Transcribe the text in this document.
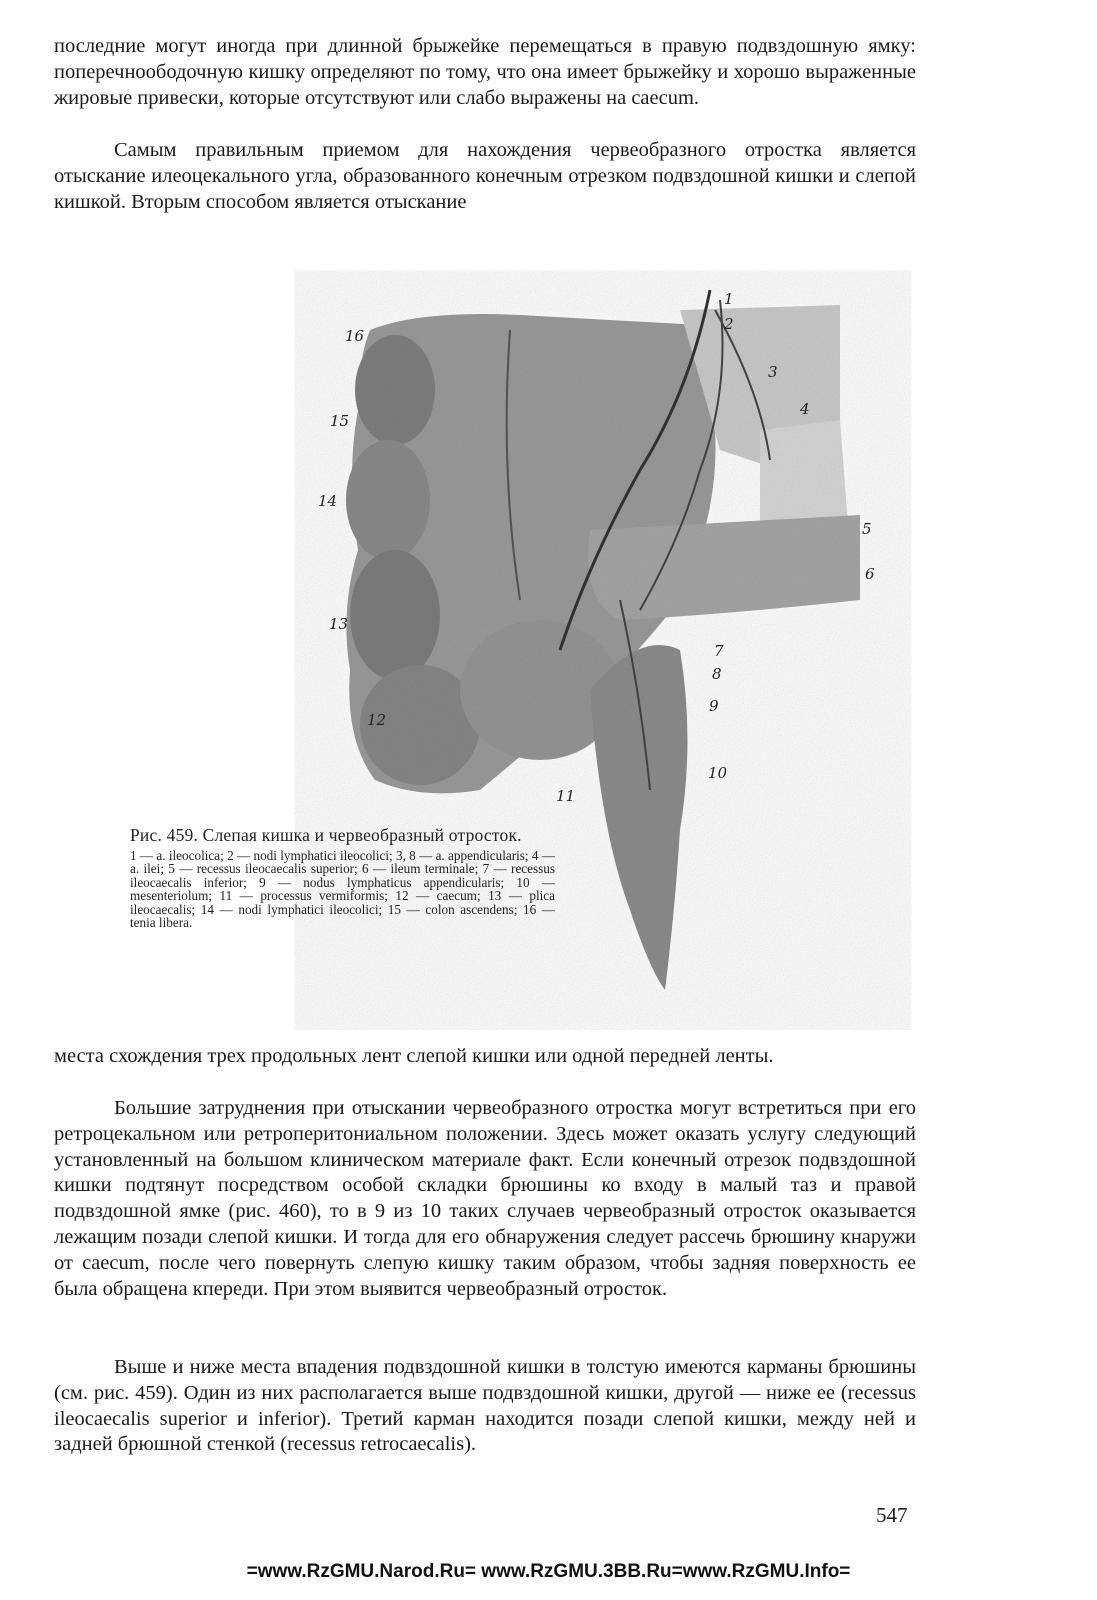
последние могут иногда при длинной брыжейке перемещаться в правую подвздошную ямку: поперечноободочную кишку определяют по тому, что она имеет брыжейку и хорошо выраженные жировые привески, которые отсутствуют или слабо выражены на caecum.

Самым правильным приемом для нахождения червеобразного отростка является отыскание илеоцекального угла, образованного конечным отрезком подвздошной кишки и слепой кишкой. Вторым способом является отыскание

1
2
3
4
5
6
7
8
9
10
11
12
13
14
15
16

Рис. 459. Слепая кишка и червеобразный отросток.

1 — a. ileocolica; 2 — nodi lymphatici ileocolici; 3, 8 — a. appendicularis; 4 — a. ilei; 5 — recessus ileocaecalis superior; 6 — ileum terminale; 7 — recessus ileocaecalis inferior; 9 — nodus lymphaticus appendicularis; 10 — mesenteriolum; 11 — processus vermiformis; 12 — caecum; 13 — plica ileocaecalis; 14 — nodi lymphatici ileocolici; 15 — colon ascendens; 16 — tenia libera.

места схождения трех продольных лент слепой кишки или одной передней ленты.

Большие затруднения при отыскании червеобразного отростка могут встретиться при его ретроцекальном или ретроперитониальном положении. Здесь может оказать услугу следующий установленный на большом клиническом материале факт. Если конечный отрезок подвздошной кишки подтянут посредством особой складки брюшины ко входу в малый таз и правой подвздошной ямке (рис. 460), то в 9 из 10 таких случаев червеобразный отросток оказывается лежащим позади слепой кишки. И тогда для его обнаружения следует рассечь брюшину кнаружи от caecum, после чего повернуть слепую кишку таким образом, чтобы задняя поверхность ее была обращена кпереди. При этом выявится червеобразный отросток.

Выше и ниже места впадения подвздошной кишки в толстую имеются карманы брюшины (см. рис. 459). Один из них располагается выше подвздошной кишки, другой — ниже ее (recessus ileocaecalis superior и inferior). Третий карман находится позади слепой кишки, между ней и задней брюшной стенкой (recessus retrocaecalis).

547
=www.RzGMU.Narod.Ru= www.RzGMU.3BB.Ru=www.RzGMU.Info=
